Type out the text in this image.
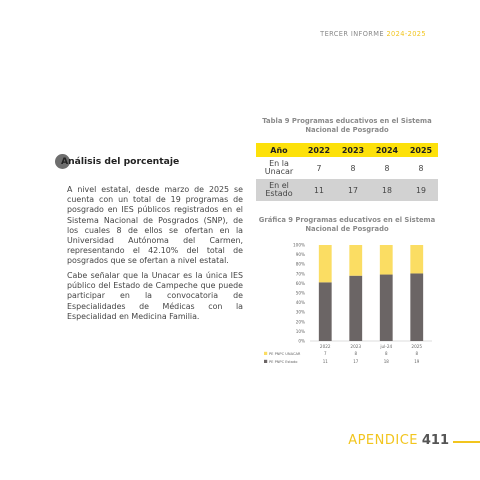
TERCER INFORME 2024-2025
Análisis del porcentaje
A nivel estatal, desde marzo de 2025 se cuenta con un total de 19 programas de posgrado en IES públicos registrados en el Sistema Nacional de Posgrados (SNP), de los cuales 8 de ellos se ofertan en la Universidad Autónoma del Carmen, representando el 42.10% del total de posgrados que se ofertan a nivel estatal.
Cabe señalar que la Unacar es la única IES público del Estado de Campeche que puede participar en la convocatoria de Especialidades de Médicas con la Especialidad en Medicina Familia.
Tabla 9 Programas educativos en el Sistema Nacional de Posgrado
Año	2022	2023	2024	2025
En la Unacar	7	8	8	8
En el Estado	11	17	18	19
Gráfica 9 Programas educativos en el Sistema Nacional de Posgrado
0%
10%
20%
30%
40%
50%
60%
70%
80%
90%
100%
2022	2023	jul-24	2025
PE PNPC UNACAR	7	8	8	8
PE PNPC Estado	11	17	18	19
APENDICE 411
